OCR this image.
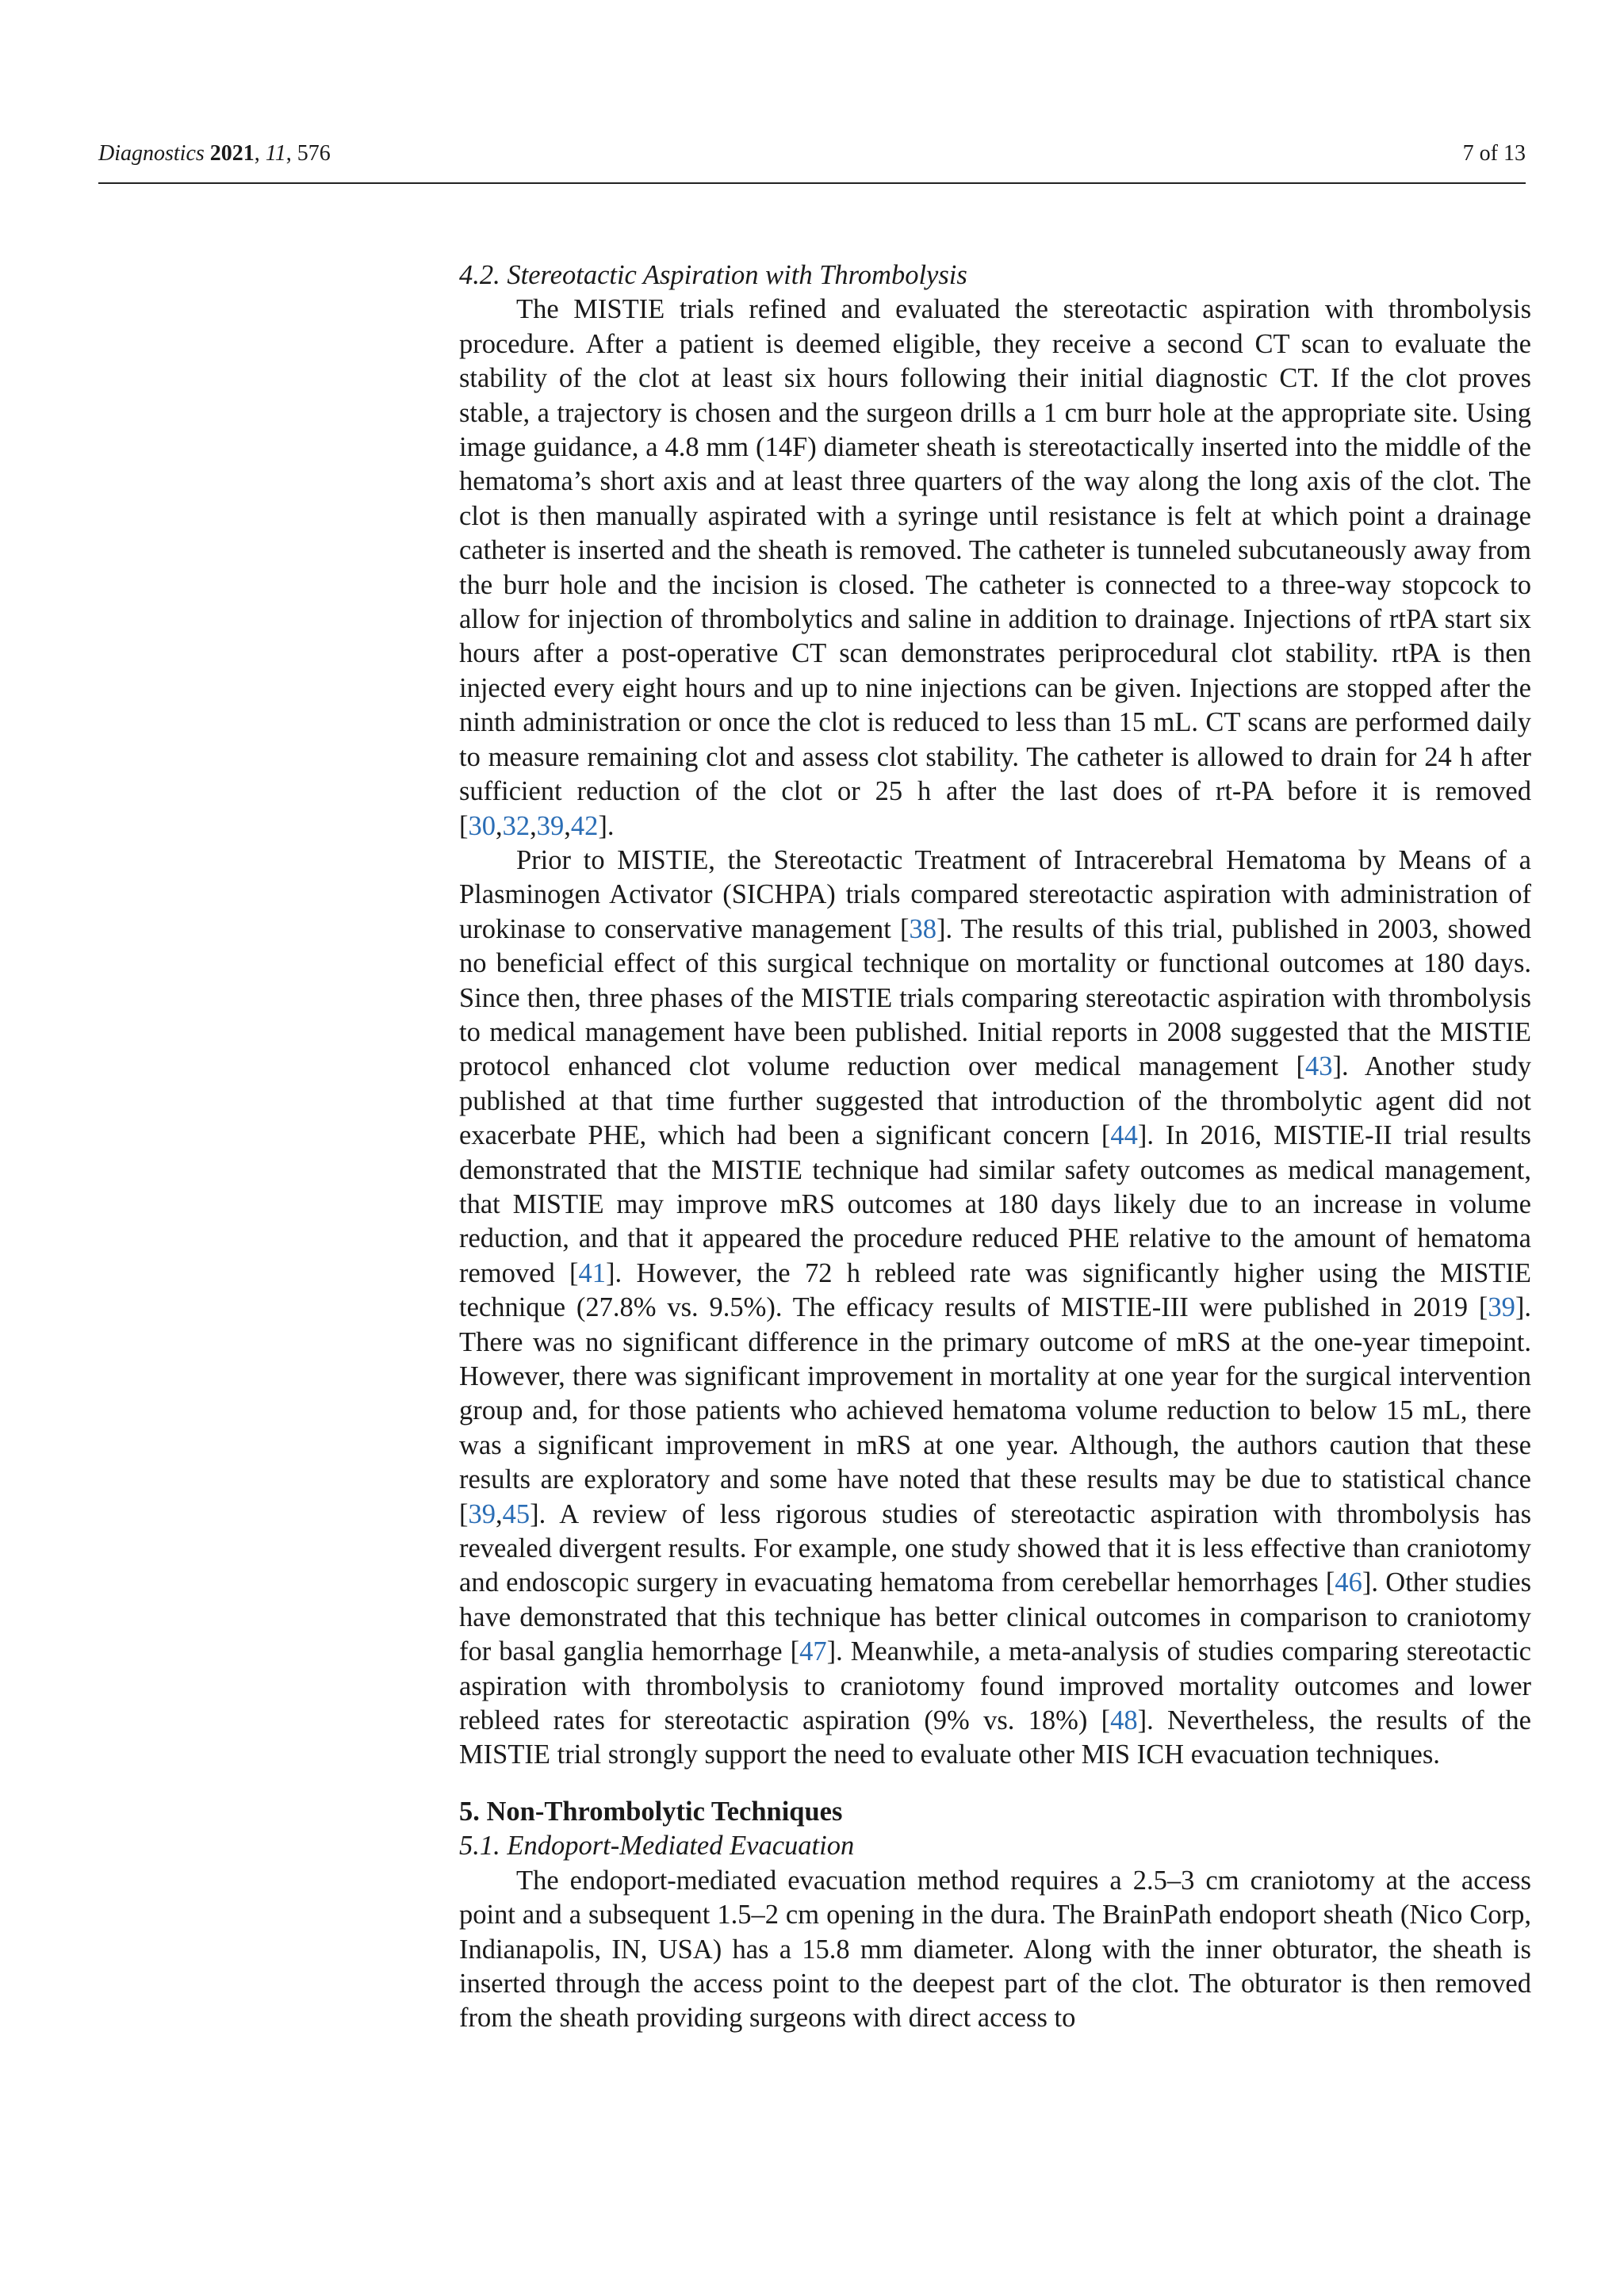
Diagnostics 2021, 11, 576	7 of 13
4.2. Stereotactic Aspiration with Thrombolysis

The MISTIE trials refined and evaluated the stereotactic aspiration with thrombolysis procedure. After a patient is deemed eligible, they receive a second CT scan to evaluate the stability of the clot at least six hours following their initial diagnostic CT. If the clot proves stable, a trajectory is chosen and the surgeon drills a 1 cm burr hole at the appropriate site. Using image guidance, a 4.8 mm (14F) diameter sheath is stereotactically inserted into the middle of the hematoma’s short axis and at least three quarters of the way along the long axis of the clot. The clot is then manually aspirated with a syringe until resistance is felt at which point a drainage catheter is inserted and the sheath is removed. The catheter is tunneled subcutaneously away from the burr hole and the incision is closed. The catheter is connected to a three-way stopcock to allow for injection of thrombolytics and saline in addition to drainage. Injections of rtPA start six hours after a post-operative CT scan demonstrates periprocedural clot stability. rtPA is then injected every eight hours and up to nine injections can be given. Injections are stopped after the ninth administration or once the clot is reduced to less than 15 mL. CT scans are performed daily to measure remaining clot and assess clot stability. The catheter is allowed to drain for 24 h after sufficient reduction of the clot or 25 h after the last does of rt-PA before it is removed [30,32,39,42].

Prior to MISTIE, the Stereotactic Treatment of Intracerebral Hematoma by Means of a Plasminogen Activator (SICHPA) trials compared stereotactic aspiration with administration of urokinase to conservative management [38]. The results of this trial, published in 2003, showed no beneficial effect of this surgical technique on mortality or functional outcomes at 180 days. Since then, three phases of the MISTIE trials comparing stereotactic aspiration with thrombolysis to medical management have been published. Initial reports in 2008 suggested that the MISTIE protocol enhanced clot volume reduction over medical management [43]. Another study published at that time further suggested that introduction of the thrombolytic agent did not exacerbate PHE, which had been a significant concern [44]. In 2016, MISTIE-II trial results demonstrated that the MISTIE technique had similar safety outcomes as medical management, that MISTIE may improve mRS outcomes at 180 days likely due to an increase in volume reduction, and that it appeared the procedure reduced PHE relative to the amount of hematoma removed [41]. However, the 72 h rebleed rate was significantly higher using the MISTIE technique (27.8% vs. 9.5%). The efficacy results of MISTIE-III were published in 2019 [39]. There was no significant difference in the primary outcome of mRS at the one-year timepoint. However, there was significant improvement in mortality at one year for the surgical intervention group and, for those patients who achieved hematoma volume reduction to below 15 mL, there was a significant improvement in mRS at one year. Although, the authors caution that these results are exploratory and some have noted that these results may be due to statistical chance [39,45]. A review of less rigorous studies of stereotactic aspiration with thrombolysis has revealed divergent results. For example, one study showed that it is less effective than craniotomy and endoscopic surgery in evacuating hematoma from cerebellar hemorrhages [46]. Other studies have demonstrated that this technique has better clinical outcomes in comparison to craniotomy for basal ganglia hemorrhage [47]. Meanwhile, a meta-analysis of studies comparing stereotactic aspiration with thrombolysis to craniotomy found improved mortality outcomes and lower rebleed rates for stereotactic aspiration (9% vs. 18%) [48]. Nevertheless, the results of the MISTIE trial strongly support the need to evaluate other MIS ICH evacuation techniques.

5. Non-Thrombolytic Techniques
5.1. Endoport-Mediated Evacuation

The endoport-mediated evacuation method requires a 2.5–3 cm craniotomy at the access point and a subsequent 1.5–2 cm opening in the dura. The BrainPath endoport sheath (Nico Corp, Indianapolis, IN, USA) has a 15.8 mm diameter. Along with the inner obturator, the sheath is inserted through the access point to the deepest part of the clot. The obturator is then removed from the sheath providing surgeons with direct access to
